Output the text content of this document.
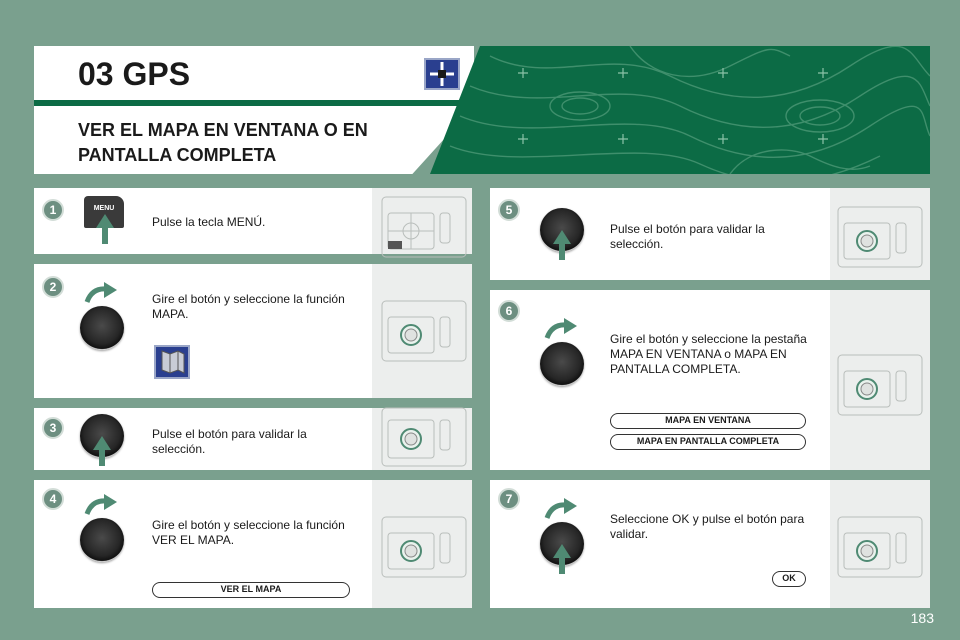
03 GPS
VER EL MAPA EN VENTANA O EN PANTALLA COMPLETA
1	MENU
Pulse la tecla MENÚ.
2
Gire el botón y seleccione la función MAPA.
3	Pulse el botón para validar la selección.
4
Gire el botón y seleccione la función VER EL MAPA.
VER EL MAPA
5
Pulse el botón para validar la selección.
6
Gire el botón y seleccione la pestaña MAPA EN VENTANA o MAPA EN PANTALLA COMPLETA.
MAPA EN VENTANA
MAPA EN PANTALLA COMPLETA
7
Seleccione OK y pulse el botón para validar.
OK
183
